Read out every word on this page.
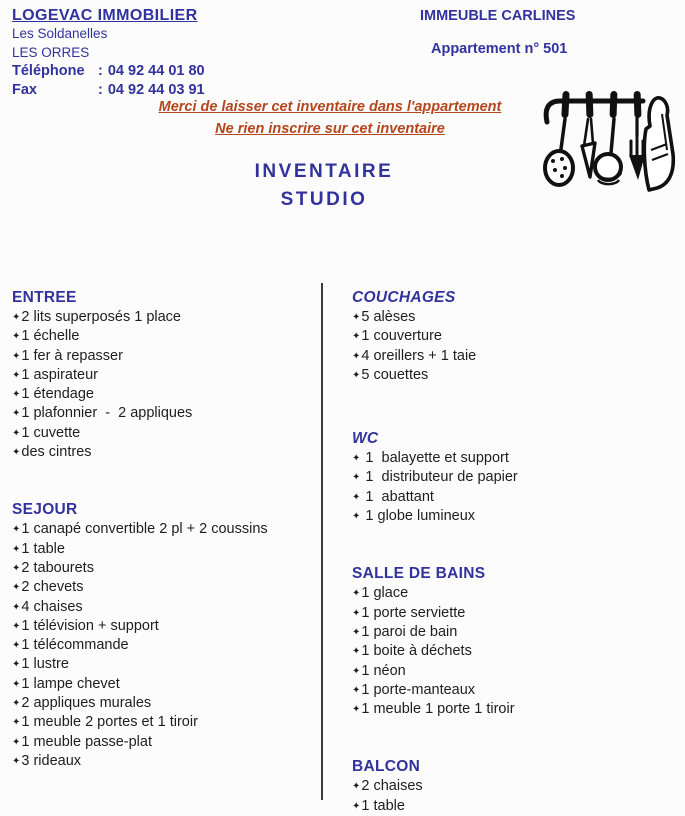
LOGEVAC IMMOBILIER
Les Soldanelles
LES ORRES
Téléphone : 04 92 44 01 80
Fax	: 04 92 44 03 91
IMMEUBLE CARLINES
Appartement n° 501
Merci de laisser cet inventaire dans l'appartement
Ne rien inscrire sur cet inventaire
INVENTAIRE
STUDIO
ENTREE
✦2 lits superposés 1 place
✦1 échelle
✦1 fer à repasser
✦1 aspirateur
✦1 étendage
✦1 plafonnier  -  2 appliques
✦1 cuvette
✦des cintres
SEJOUR
✦1 canapé convertible 2 pl + 2 coussins
✦1 table
✦2 tabourets
✦2 chevets
✦4 chaises
✦1 télévision + support
✦1 télécommande
✦1 lustre
✦1 lampe chevet
✦2 appliques murales
✦1 meuble 2 portes et 1 tiroir
✦1 meuble passe-plat
✦3 rideaux
COUCHAGES
✦5 alèses
✦1 couverture
✦4 oreillers + 1 taie
✦5 couettes
WC
✦ 1  balayette et support
✦ 1  distributeur de papier
✦ 1  abattant
✦ 1 globe lumineux
SALLE DE BAINS
✦1 glace
✦1 porte serviette
✦1 paroi de bain
✦1 boite à déchets
✦1 néon
✦1 porte-manteaux
✦1 meuble 1 porte 1 tiroir
BALCON
✦2 chaises
✦1 table
